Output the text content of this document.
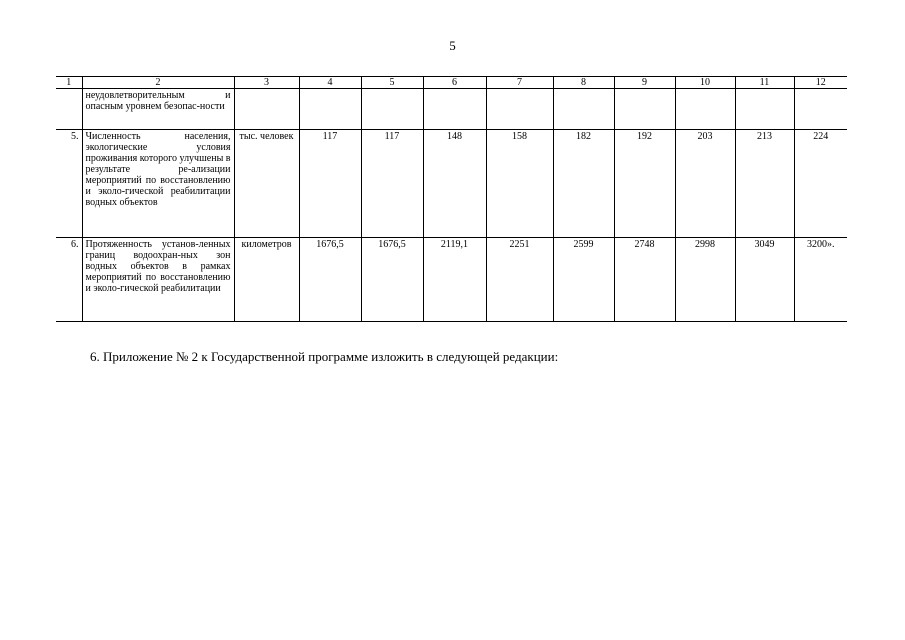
5
1	2	3	4	5	6	7	8	9	10	11	12
	неудовлетворительным и опасным уровнем безопас-ности										
5.	Численность населения, экологические условия проживания которого улучшены в результате ре-ализации мероприятий по восстановлению и эколо-гической реабилитации водных объектов	тыс. человек	117	117	148	158	182	192	203	213	224
6.	Протяженность установ-ленных границ водоохран-ных зон водных объектов в рамках мероприятий по восстановлению и эколо-гической реабилитации	километров	1676,5	1676,5	2119,1	2251	2599	2748	2998	3049	3200».
6. Приложение № 2 к Государственной программе изложить в следующей редакции:
